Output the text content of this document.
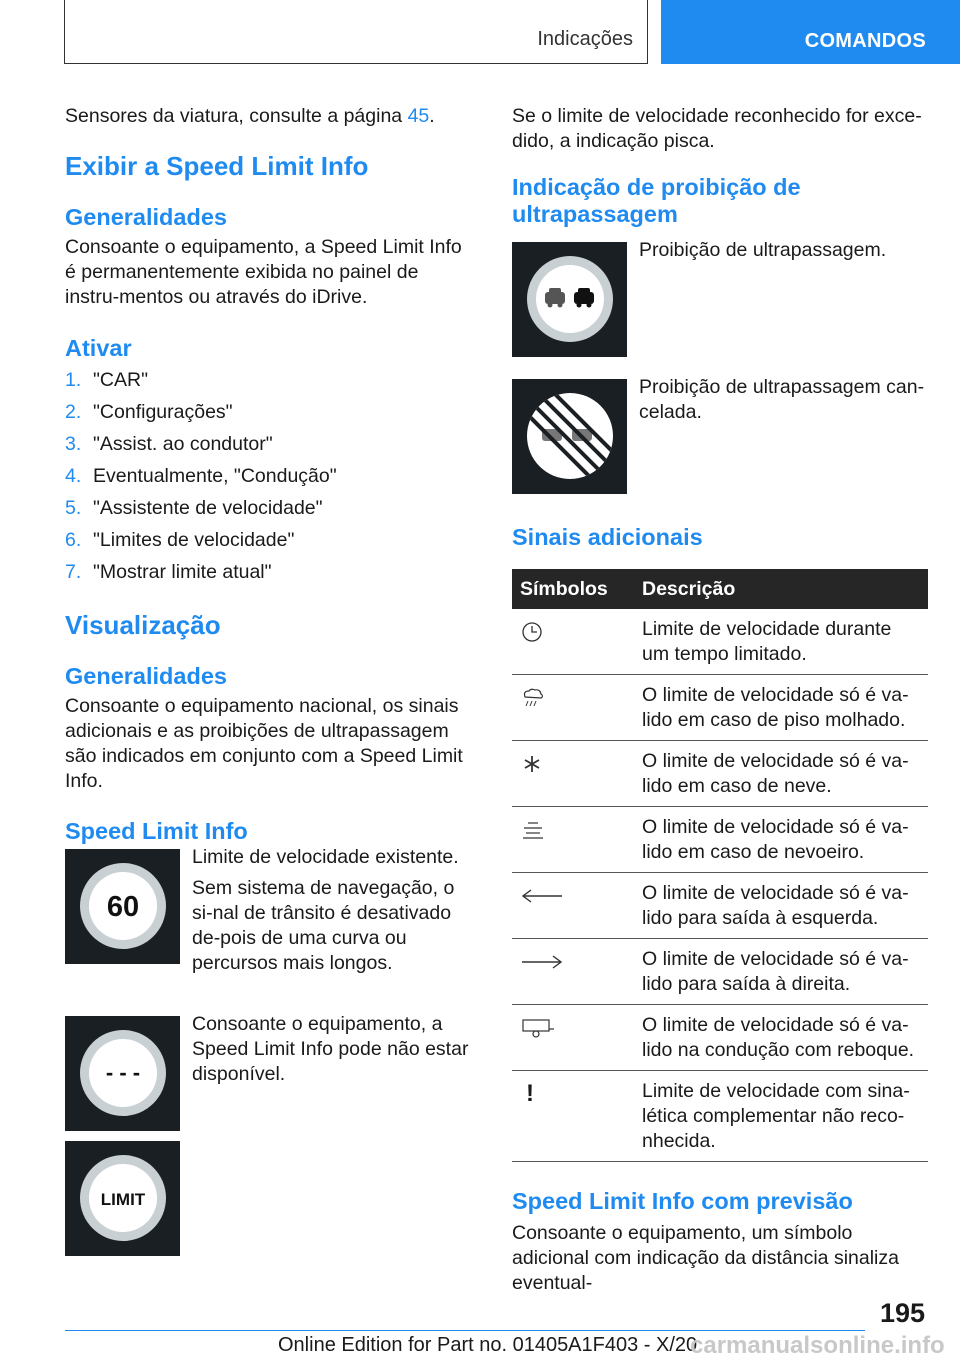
Indicações	COMANDOS

Sensores da viatura, consulte a página 45.

Exibir a Speed Limit Info
Generalidades

Consoante o equipamento, a Speed Limit Info é permanentemente exibida no painel de instru-mentos ou através do iDrive.

Ativar
1. "CAR"
2. "Configurações"
3. "Assist. ao condutor"
4. Eventualmente, "Condução"
5. "Assistente de velocidade"
6. "Limites de velocidade"
7. "Mostrar limite atual"
Visualização
Generalidades

Consoante o equipamento nacional, os sinais adicionais e as proibições de ultrapassagem são indicados em conjunto com a Speed Limit Info.

Speed Limit Info
60

Limite de velocidade existente.

Sem sistema de navegação, o si-nal de trânsito é desativado de-pois de uma curva ou percursos mais longos.

- - -

Consoante o equipamento, a Speed Limit Info pode não estar disponível.

LIMIT

Se o limite de velocidade reconhecido for exce-dido, a indicação pisca.

Indicação de proibição de ultrapassagem

Proibição de ultrapassagem.

Proibição de ultrapassagem can-celada.

Sinais adicionais
Símbolos	Descrição
	Limite de velocidade durante um tempo limitado.
	O limite de velocidade só é va-lido em caso de piso molhado.
	O limite de velocidade só é va-lido em caso de neve.
	O limite de velocidade só é va-lido em caso de nevoeiro.
	O limite de velocidade só é va-lido para saída à esquerda.
	O limite de velocidade só é va-lido para saída à direita.
	O limite de velocidade só é va-lido na condução com reboque.
!	Limite de velocidade com sina-lética complementar não reco-nhecida.
Speed Limit Info com previsão

Consoante o equipamento, um símbolo adicional com indicação da distância sinaliza eventual-

195
Online Edition for Part no. 01405A1F403 - X/20
carmanualsonline.info
